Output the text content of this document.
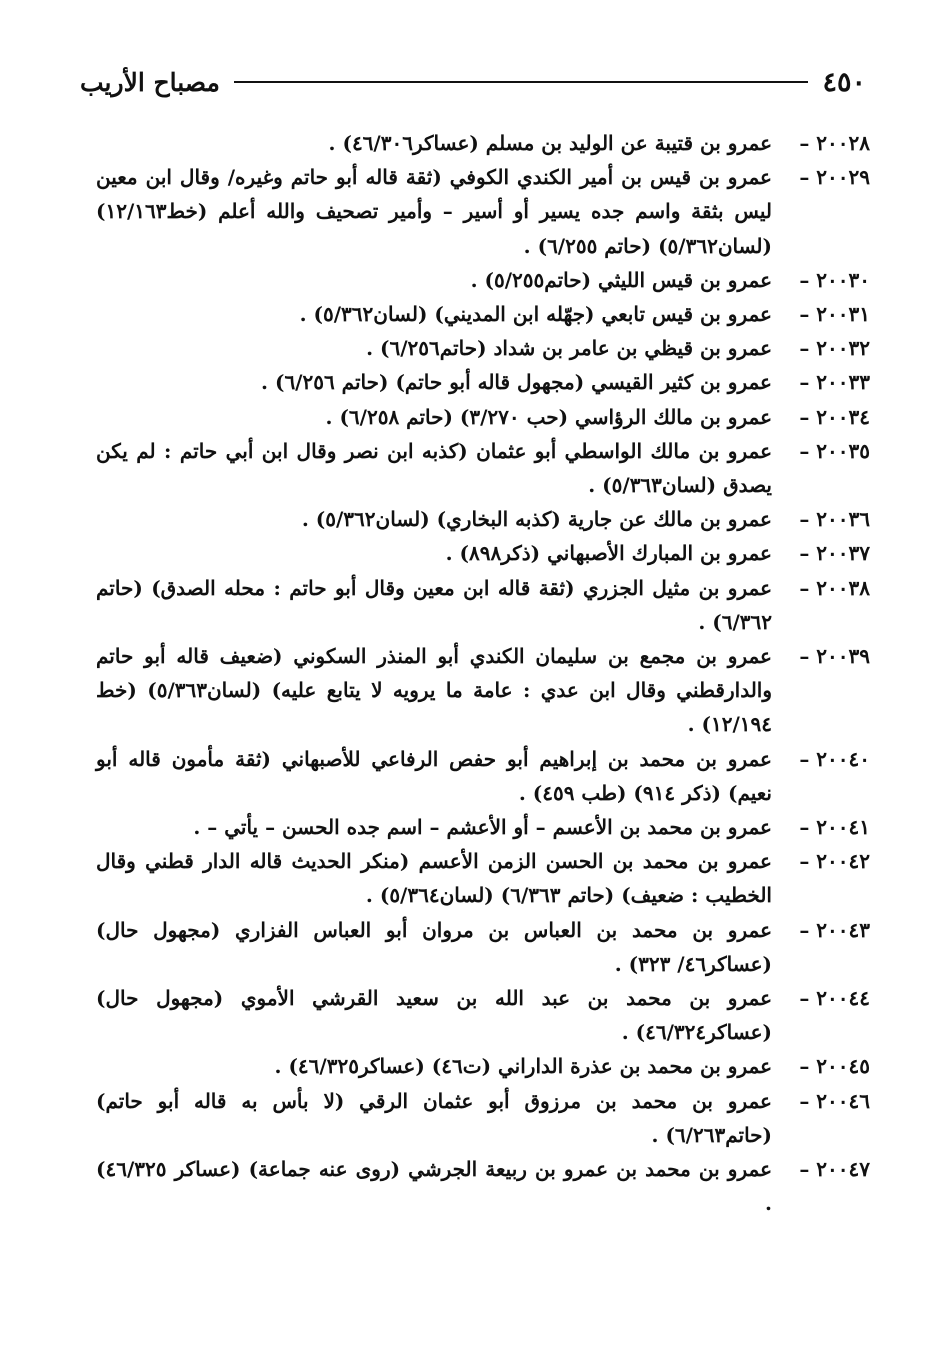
٤٥٠
مصباح الأريب
٢٠٠٢٨ –
عمرو بن قتيبة عن الوليد بن مسلم (عساكر٤٦/٣٠٦) .
٢٠٠٢٩ –
عمرو بن قيس بن أمير الكندي الكوفي (ثقة قاله أبو حاتم وغيره/ وقال ابن معين ليس بثقة واسم جده يسير أو أسير – وأمير تصحيف والله أعلم (خط١٢/١٦٣) (لسان٥/٣٦٢) (حاتم ٦/٢٥٥) .
٢٠٠٣٠ –
عمرو بن قيس الليثي (حاتم٥/٢٥٥) .
٢٠٠٣١ –
عمرو بن قيس تابعي (جهّله ابن المديني) (لسان٥/٣٦٢) .
٢٠٠٣٢ –
عمرو بن قيظي بن عامر بن شداد (حاتم٦/٢٥٦) .
٢٠٠٣٣ –
عمرو بن كثير القيسي (مجهول قاله أبو حاتم) (حاتم ٦/٢٥٦) .
٢٠٠٣٤ –
عمرو بن مالك الرؤاسي (حب ٣/٢٧٠) (حاتم ٦/٢٥٨) .
٢٠٠٣٥ –
عمرو بن مالك الواسطي أبو عثمان (كذبه ابن نصر وقال ابن أبي حاتم : لم يكن يصدق (لسان٥/٣٦٣) .
٢٠٠٣٦ –
عمرو بن مالك عن جارية (كذبه البخاري) (لسان٥/٣٦٢) .
٢٠٠٣٧ –
عمرو بن المبارك الأصبهاني (ذكر٨٩٨) .
٢٠٠٣٨ –
عمرو بن مثيل الجزري (ثقة قاله ابن معين وقال أبو حاتم : محله الصدق) (حاتم ٦/٣٦٢) .
٢٠٠٣٩ –
عمرو بن مجمع بن سليمان الكندي أبو المنذر السكوني (ضعيف قاله أبو حاتم والدارقطني وقال ابن عدي : عامة ما يرويه لا يتابع عليه) (لسان٥/٣٦٣) (خط ١٢/١٩٤) .
٢٠٠٤٠ –
عمرو بن محمد بن إبراهيم أبو حفص الرفاعي للأصبهاني (ثقة مأمون قاله أبو نعيم) (ذكر ٩١٤) (طب ٤٥٩) .
٢٠٠٤١ –
عمرو بن محمد بن الأعسم – أو الأعشم – اسم جده الحسن – يأتي – .
٢٠٠٤٢ –
عمرو بن محمد بن الحسن الزمن الأعسم (منكر الحديث قاله الدار قطني وقال الخطيب : ضعيف) (حاتم ٦/٣٦٣) (لسان٥/٣٦٤) .
٢٠٠٤٣ –
عمرو بن محمد بن العباس بن مروان أبو العباس الفزاري (مجهول حال) (عساكر٤٦/ ٣٢٣) .
٢٠٠٤٤ –
عمرو بن محمد بن عبد الله بن سعيد القرشي الأموي (مجهول حال) (عساكر٤٦/٣٢٤) .
٢٠٠٤٥ –
عمرو بن محمد بن عذرة الداراني (ت٤٦) (عساكر٤٦/٣٢٥) .
٢٠٠٤٦ –
عمرو بن محمد بن مرزوق أبو عثمان الرقي (لا بأس به قاله أبو حاتم) (حاتم٦/٢٦٣) .
٢٠٠٤٧ –
عمرو بن محمد بن عمرو بن ربيعة الجرشي (روى عنه جماعة) (عساكر ٤٦/٣٢٥) .
